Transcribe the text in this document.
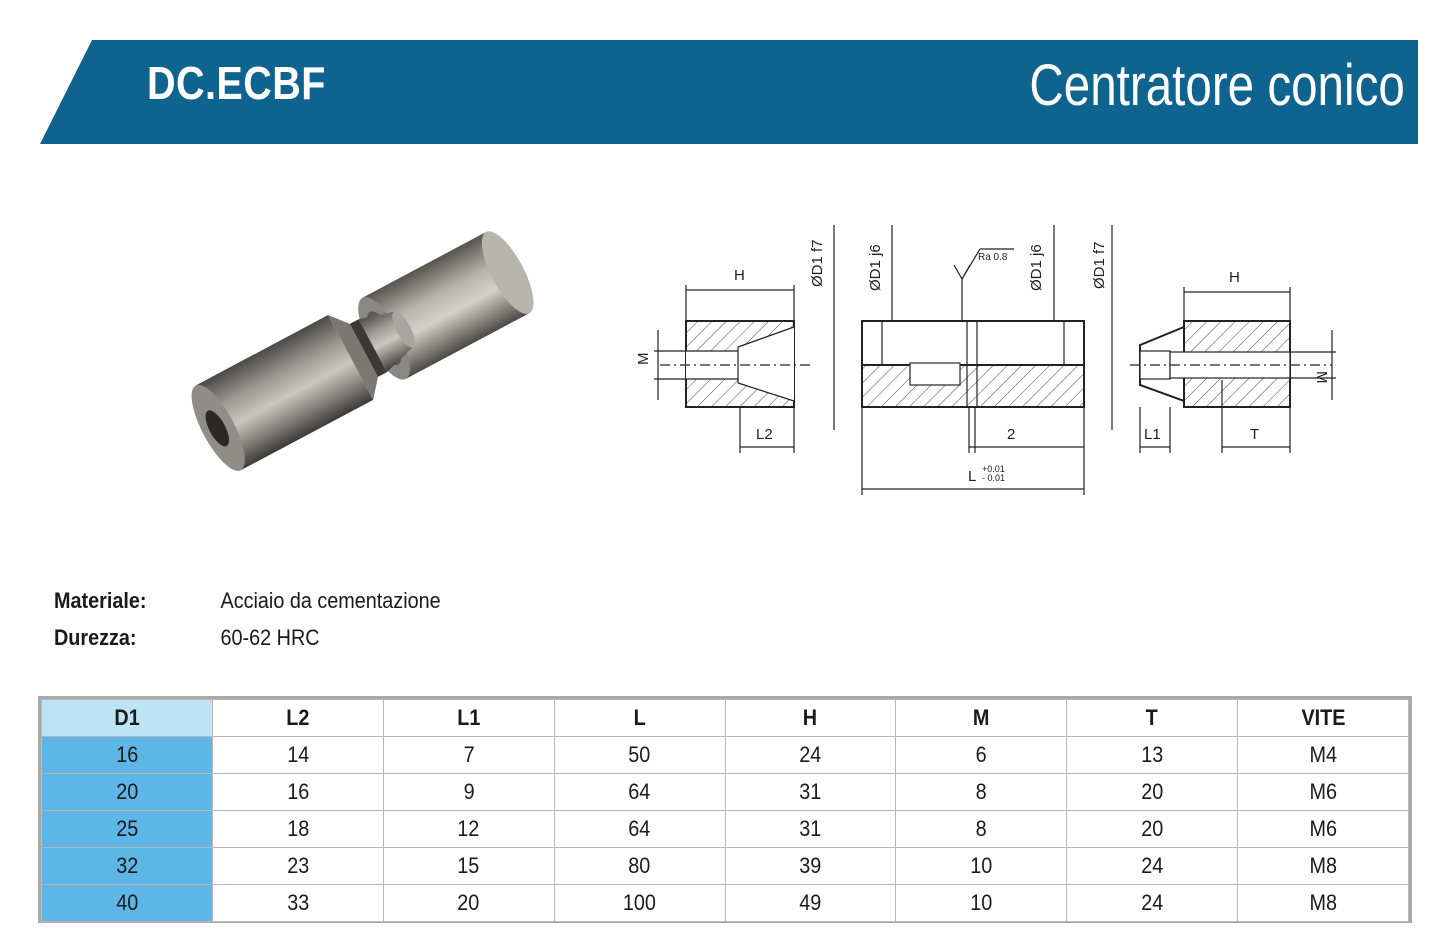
DC.ECBF	Centratore conico
H
M
L2
ØD1 f7	ØD1 j6	ØD1 j6	ØD1 f7
Ra 0.8
2
L +0.01
- 0.01
H
M
L1	T
Materiale:	Acciaio da cementazione
Durezza:	60-62 HRC
D1	L2	L1	L	H	M	T	VITE
16	14	7	50	24	6	13	M4
20	16	9	64	31	8	20	M6
25	18	12	64	31	8	20	M6
32	23	15	80	39	10	24	M8
40	33	20	100	49	10	24	M8
